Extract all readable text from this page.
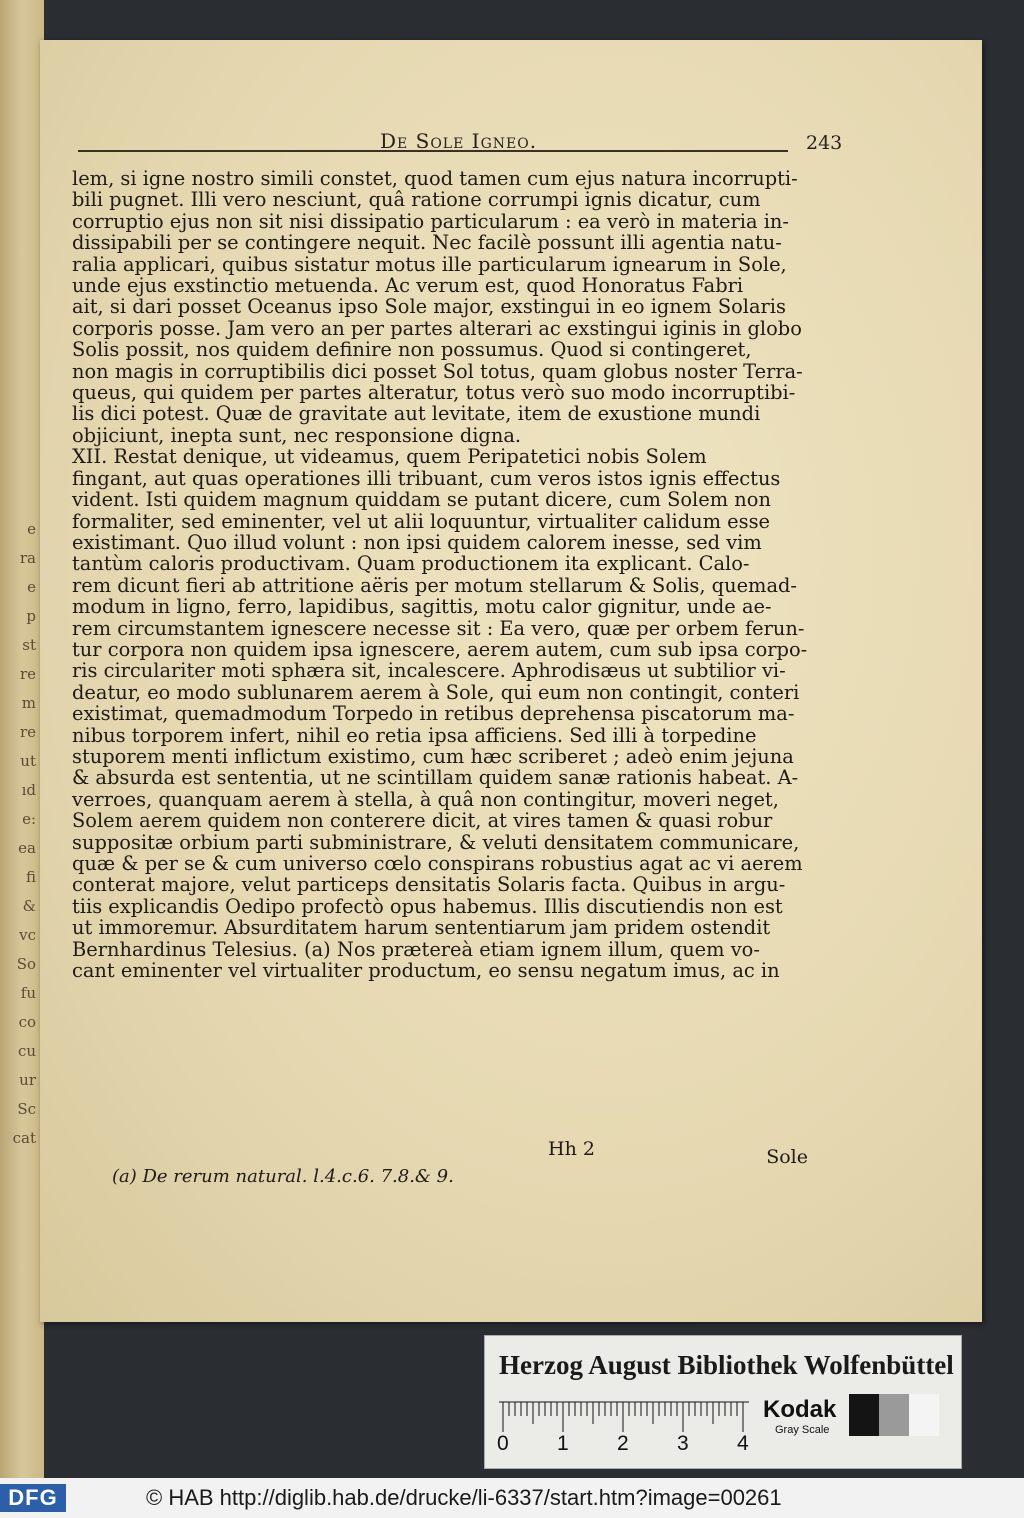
e
ra
e
p
st
re
m
re
ut
ıd
e:
ea
fi
&
vc
So
fu
co
cu
ur
Sc
cat
De Sole Igneo.	243
lem, si igne nostro simili constet, quod tamen cum ejus natura incorrupti-
bili pugnet. Illi vero nesciunt, quâ ratione corrumpi ignis dicatur, cum
corruptio ejus non sit nisi dissipatio particularum : ea verò in materia in-
dissipabili per se contingere nequit. Nec facilè possunt illi agentia natu-
ralia applicari, quibus sistatur motus ille particularum ignearum in Sole,
unde ejus exstinctio metuenda. Ac verum est, quod Honoratus Fabri
ait, si dari posset Oceanus ipso Sole major, exstingui in eo ignem Solaris
corporis posse. Jam vero an per partes alterari ac exstingui iginis in globo
Solis possit, nos quidem definire non possumus. Quod si contingeret,
non magis in corruptibilis dici posset Sol totus, quam globus noster Terra-
queus, qui quidem per partes alteratur, totus verò suo modo incorruptibi-
lis dici potest. Quæ de gravitate aut levitate, item de exustione mundi
objiciunt, inepta sunt, nec responsione digna.
XII. Restat denique, ut videamus, quem Peripatetici nobis Solem
fingant, aut quas operationes illi tribuant, cum veros istos ignis effectus
vident. Isti quidem magnum quiddam se putant dicere, cum Solem non
formaliter, sed eminenter, vel ut alii loquuntur, virtualiter calidum esse
existimant. Quo illud volunt : non ipsi quidem calorem inesse, sed vim
tantùm caloris productivam. Quam productionem ita explicant. Calo-
rem dicunt fieri ab attritione aëris per motum stellarum & Solis, quemad-
modum in ligno, ferro, lapidibus, sagittis, motu calor gignitur, unde ae-
rem circumstantem ignescere necesse sit : Ea vero, quæ per orbem ferun-
tur corpora non quidem ipsa ignescere, aerem autem, cum sub ipsa corpo-
ris circulariter moti sphæra sit, incalescere. Aphrodisæus ut subtilior vi-
deatur, eo modo sublunarem aerem à Sole, qui eum non contingit, conteri
existimat, quemadmodum Torpedo in retibus deprehensa piscatorum ma-
nibus torporem infert, nihil eo retia ipsa afficiens. Sed illi à torpedine
stuporem menti inflictum existimo, cum hæc scriberet ; adeò enim jejuna
& absurda est sententia, ut ne scintillam quidem sanæ rationis habeat. A-
verroes, quanquam aerem à stella, à quâ non contingitur, moveri neget,
Solem aerem quidem non conterere dicit, at vires tamen & quasi robur
suppositæ orbium parti subministrare, & veluti densitatem communicare,
quæ & per se & cum universo cœlo conspirans robustius agat ac vi aerem
conterat majore, velut particeps densitatis Solaris facta. Quibus in argu-
tiis explicandis Oedipo profectò opus habemus. Illis discutiendis non est
ut immoremur. Absurditatem harum sententiarum jam pridem ostendit
Bernhardinus Telesius. (a) Nos prætereà etiam ignem illum, quem vo-
cant eminenter vel virtualiter productum, eo sensu negatum imus, ac in
Hh 2	Sole
(a) De rerum natural. l.4.c.6. 7.8.& 9.
Herzog August Bibliothek Wolfenbüttel
0 1 2 3 4
Kodak
Gray Scale
DFG	© HAB http://diglib.hab.de/drucke/li-6337/start.htm?image=00261
